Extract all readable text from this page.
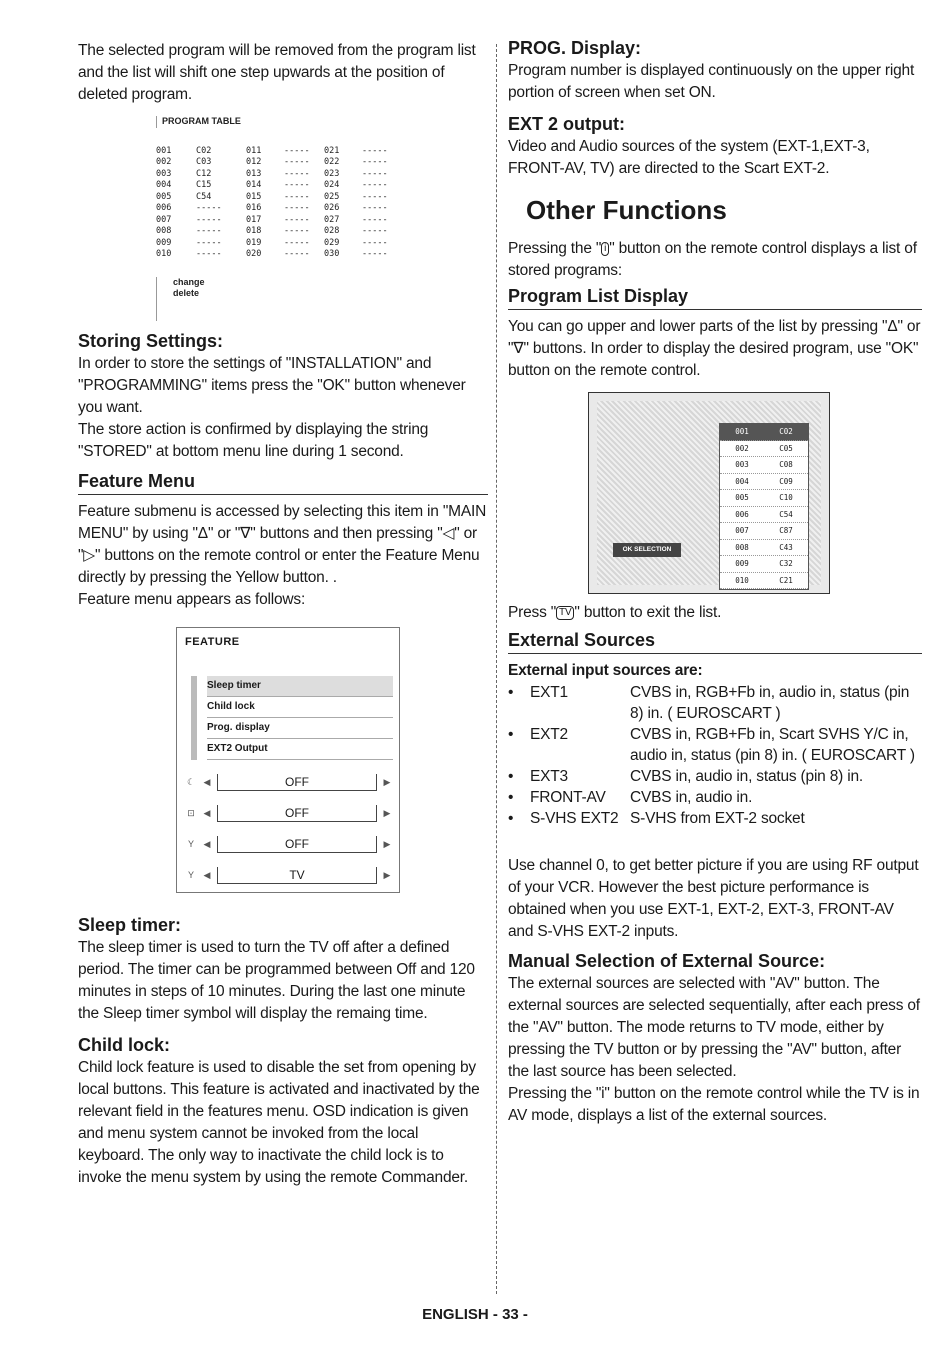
The selected program will be removed from the program list and the list will shift one step upwards at the position of deleted program.

PROGRAM TABLE
001	C02	011	-----	021	-----
002	C03	012	-----	022	-----
003	C12	013	-----	023	-----
004	C15	014	-----	024	-----
005	C54	015	-----	025	-----
006	-----	016	-----	026	-----
007	-----	017	-----	027	-----
008	-----	018	-----	028	-----
009	-----	019	-----	029	-----
010	-----	020	-----	030	-----
change
delete
Storing Settings:

In order to store the settings of "INSTALLATION" and "PROGRAMMING" items press the "OK" button whenever you want.

The store action is confirmed by displaying the string "STORED" at bottom menu line during 1 second.

Feature Menu

Feature submenu is accessed by selecting this item in "MAIN MENU" by using "Δ" or "∇" buttons and then pressing "◁" or "▷" buttons on the remote control or enter the Feature Menu directly by pressing the Yellow button. .

Feature menu appears as follows:

FEATURE
Sleep timer
Child lock
Prog. display
EXT2 Output
☾ ◀	OFF	▶
⊡ ◀	OFF	▶
Y	◀	OFF	▶
Y	◀	TV	▶
Sleep timer:

The sleep timer is used to turn the TV off after a defined period. The timer can be programmed between Off and 120 minutes in steps of 10 minutes. During the last one minute the Sleep timer symbol will display the remaing time.

Child lock:

Child lock feature is used to disable the set from opening by local buttons. This feature is activated and inactivated by the relevant field in the features menu. OSD indication is given and menu system cannot be invoked from the local keyboard. The only way to inactivate the child lock is to invoke the menu system by using the remote Commander.

PROG. Display:

Program number is displayed continuously on the upper right portion of screen when set ON.

EXT 2 output:

Video and Audio sources of the system (EXT-1,EXT-3, FRONT-AV, TV) are directed to the Scart EXT-2.

Other Functions

Pressing the " i " button on the remote control displays a list of stored programs:

Program List Display

You can go upper and lower parts of the list by pressing "Δ" or "∇" buttons. In order to display the desired program, use "OK" button on the remote control.

OK SELECTION
001	C02
002	C05
003	C08
004	C09
005	C10
006	C54
007	C87
008	C43
009	C32
010	C21

Press " TV " button to exit the list.

External Sources

External input sources are:

•	EXT1	CVBS in, RGB+Fb in, audio in, status (pin 8) in. ( EUROSCART )
•	EXT2	CVBS in, RGB+Fb in, Scart SVHS Y/C in, audio in, status (pin 8) in. ( EUROSCART )
•	EXT3	CVBS in, audio in, status (pin 8) in.
•	FRONT-AV	CVBS in, audio in.
•	S-VHS EXT2 S-VHS from EXT-2 socket

Use channel 0, to get better picture if you are using RF output of your VCR. However the best picture performance is obtained when you use EXT-1, EXT-2, EXT-3, FRONT-AV and S-VHS EXT-2 inputs.

Manual Selection of External Source:

The external sources are selected with "AV" button. The external sources are selected sequentially, after each press of the "AV" button. The mode returns to TV mode, either by pressing the TV button or by pressing the "AV" button, after the last source has been selected.

Pressing the "i" button on the remote control while the TV is in AV mode, displays a list of the external sources.

ENGLISH - 33 -
